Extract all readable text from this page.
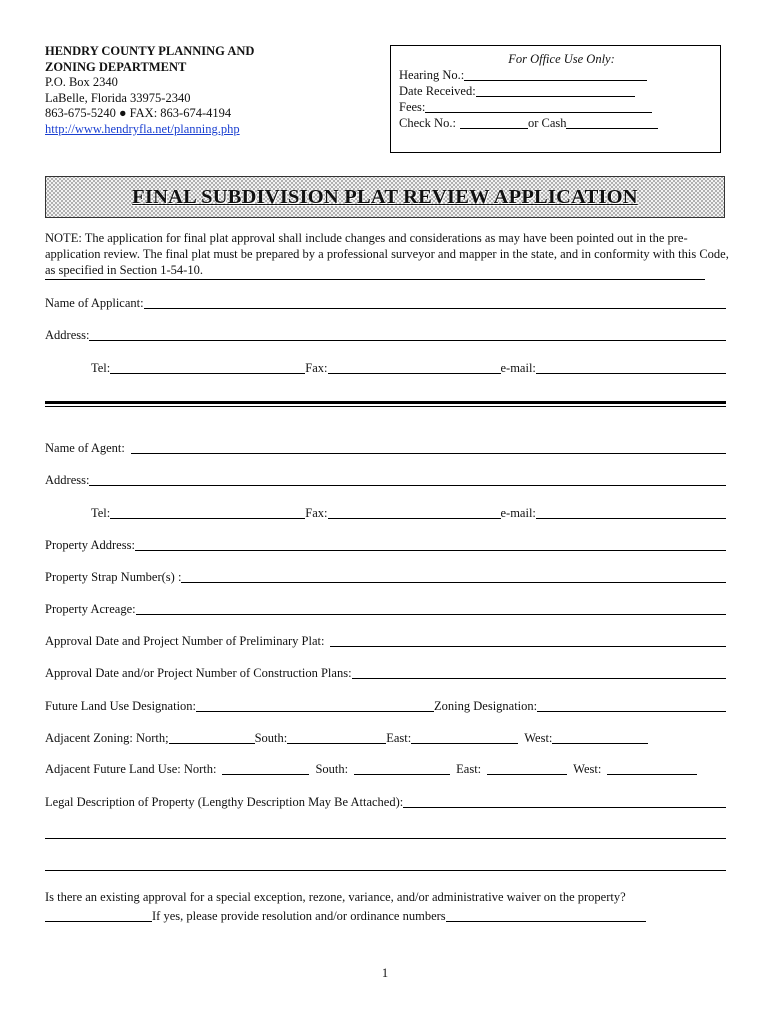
HENDRY COUNTY PLANNING AND
ZONING DEPARTMENT
P.O. Box 2340
LaBelle, Florida 33975-2340
863-675-5240 ● FAX: 863-674-4194
http://www.hendryfla.net/planning.php
For Office Use Only:
Hearing No.:
Date Received:
Fees:
Check No.:	or Cash
FINAL SUBDIVISION PLAT REVIEW APPLICATION
NOTE: The application for final plat approval shall include changes and considerations as may have been pointed out in the pre-application review. The final plat must be prepared by a professional surveyor and mapper in the state, and in conformity with this Code, as specified in Section 1-54-10.
Name of Applicant:
Address:
Tel:	Fax:	e-mail:
Name of Agent:
Address:
Tel:	Fax:	e-mail:
Property Address:
Property Strap Number(s) :
Property Acreage:
Approval Date and Project Number of Preliminary Plat:
Approval Date and/or Project Number of Construction Plans:
Future Land Use Designation:	Zoning Designation:
Adjacent Zoning: North;	South:	East:	West:
Adjacent Future Land Use: North:	South:	East:	West:
Legal Description of Property (Lengthy Description May Be Attached):
Is there an existing approval for a special exception, rezone, variance, and/or administrative waiver on the property?
If yes, please provide resolution and/or ordinance numbers
1
